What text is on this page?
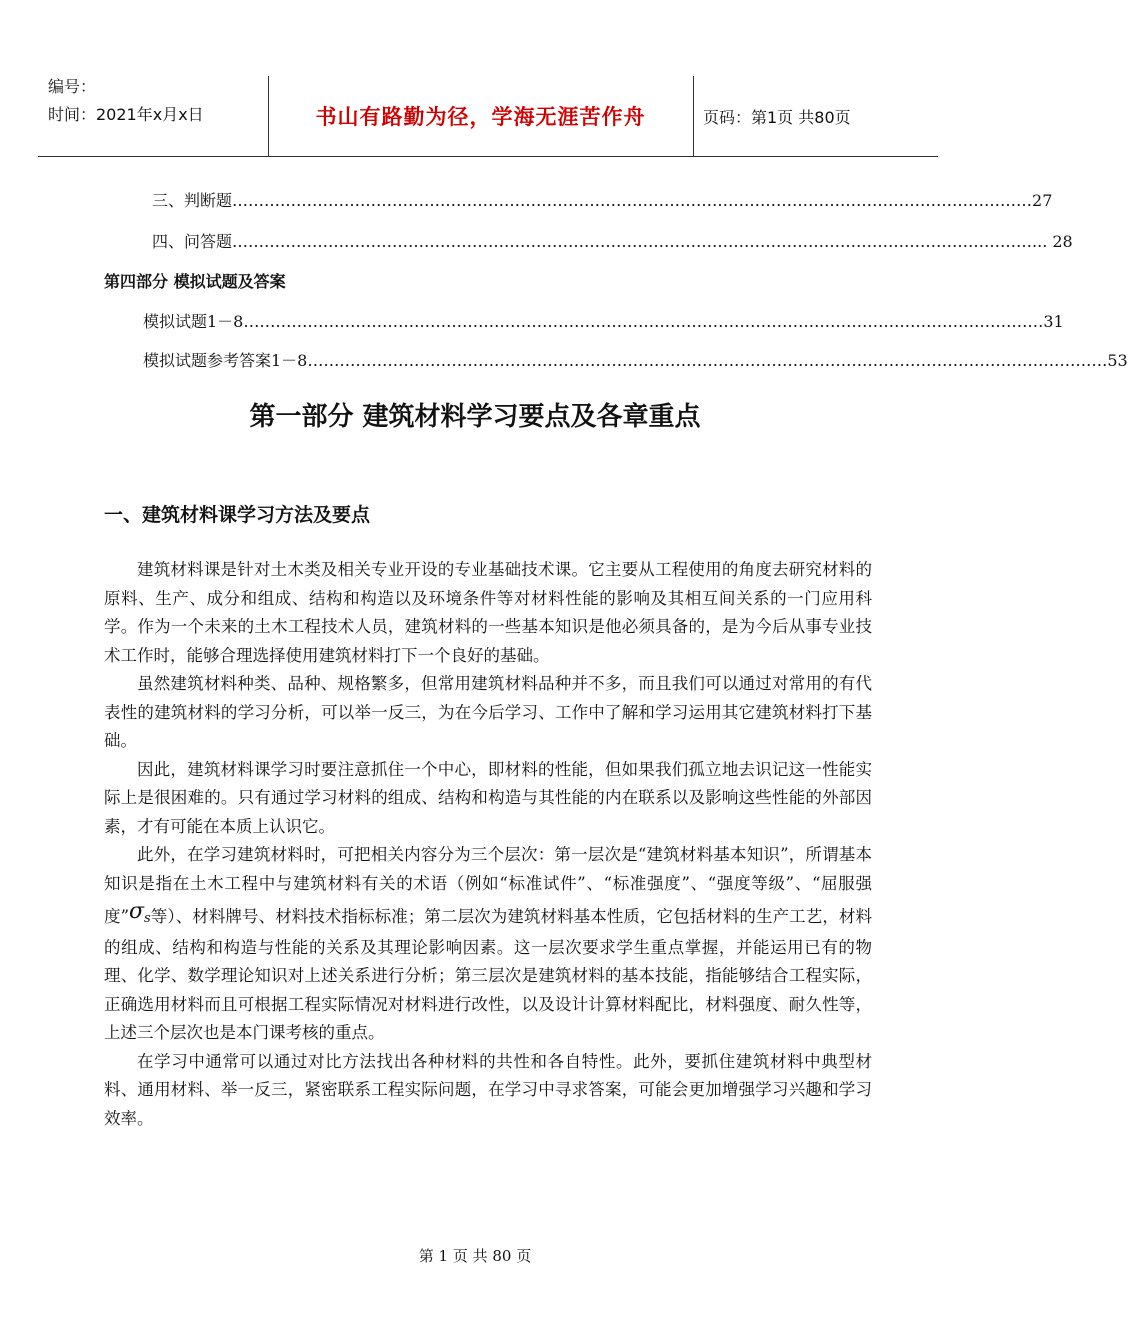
编号：
时间：2021年x月x日	书山有路勤为径，学海无涯苦作舟	页码：第1页 共80页
三、判断题 …………………………………………………………………………………………………………………………………… 27
四、问答题 …………………………………………………………………………………………………………………………………… ... 28
第四部分 模拟试题及答案
模拟试题1－8 …………………………………………………………………………………………………………………………………… 31
模拟试题参考答案1－8 …………………………………………………………………………………………………………………………………… 53
第一部分 建筑材料学习要点及各章重点
一、建筑材料课学习方法及要点

建筑材料课是针对土木类及相关专业开设的专业基础技术课。它主要从工程使用的角度去研究材料的原料、生产、成分和组成、结构和构造以及环境条件等对材料性能的影响及其相互间关系的一门应用科学。作为一个未来的土木工程技术人员，建筑材料的一些基本知识是他必须具备的，是为今后从事专业技术工作时，能够合理选择使用建筑材料打下一个良好的基础。

虽然建筑材料种类、品种、规格繁多，但常用建筑材料品种并不多，而且我们可以通过对常用的有代表性的建筑材料的学习分析，可以举一反三，为在今后学习、工作中了解和学习运用其它建筑材料打下基础。

因此，建筑材料课学习时要注意抓住一个中心，即材料的性能，但如果我们孤立地去识记这一性能实际上是很困难的。只有通过学习材料的组成、结构和构造与其性能的内在联系以及影响这些性能的外部因素，才有可能在本质上认识它。

此外，在学习建筑材料时，可把相关内容分为三个层次：第一层次是“建筑材料基本知识”，所谓基本知识是指在土木工程中与建筑材料有关的术语（例如“标准试件”、“标准强度”、“强度等级”、“屈服强度”σs等）、材料牌号、材料技术指标标准；第二层次为建筑材料基本性质，它包括材料的生产工艺，材料的组成、结构和构造与性能的关系及其理论影响因素。这一层次要求学生重点掌握，并能运用已有的物理、化学、数学理论知识对上述关系进行分析；第三层次是建筑材料的基本技能，指能够结合工程实际，正确选用材料而且可根据工程实际情况对材料进行改性，以及设计计算材料配比，材料强度、耐久性等，上述三个层次也是本门课考核的重点。

在学习中通常可以通过对比方法找出各种材料的共性和各自特性。此外，要抓住建筑材料中典型材料、通用材料、举一反三，紧密联系工程实际问题，在学习中寻求答案，可能会更加增强学习兴趣和学习效率。

第 1 页 共 80 页
